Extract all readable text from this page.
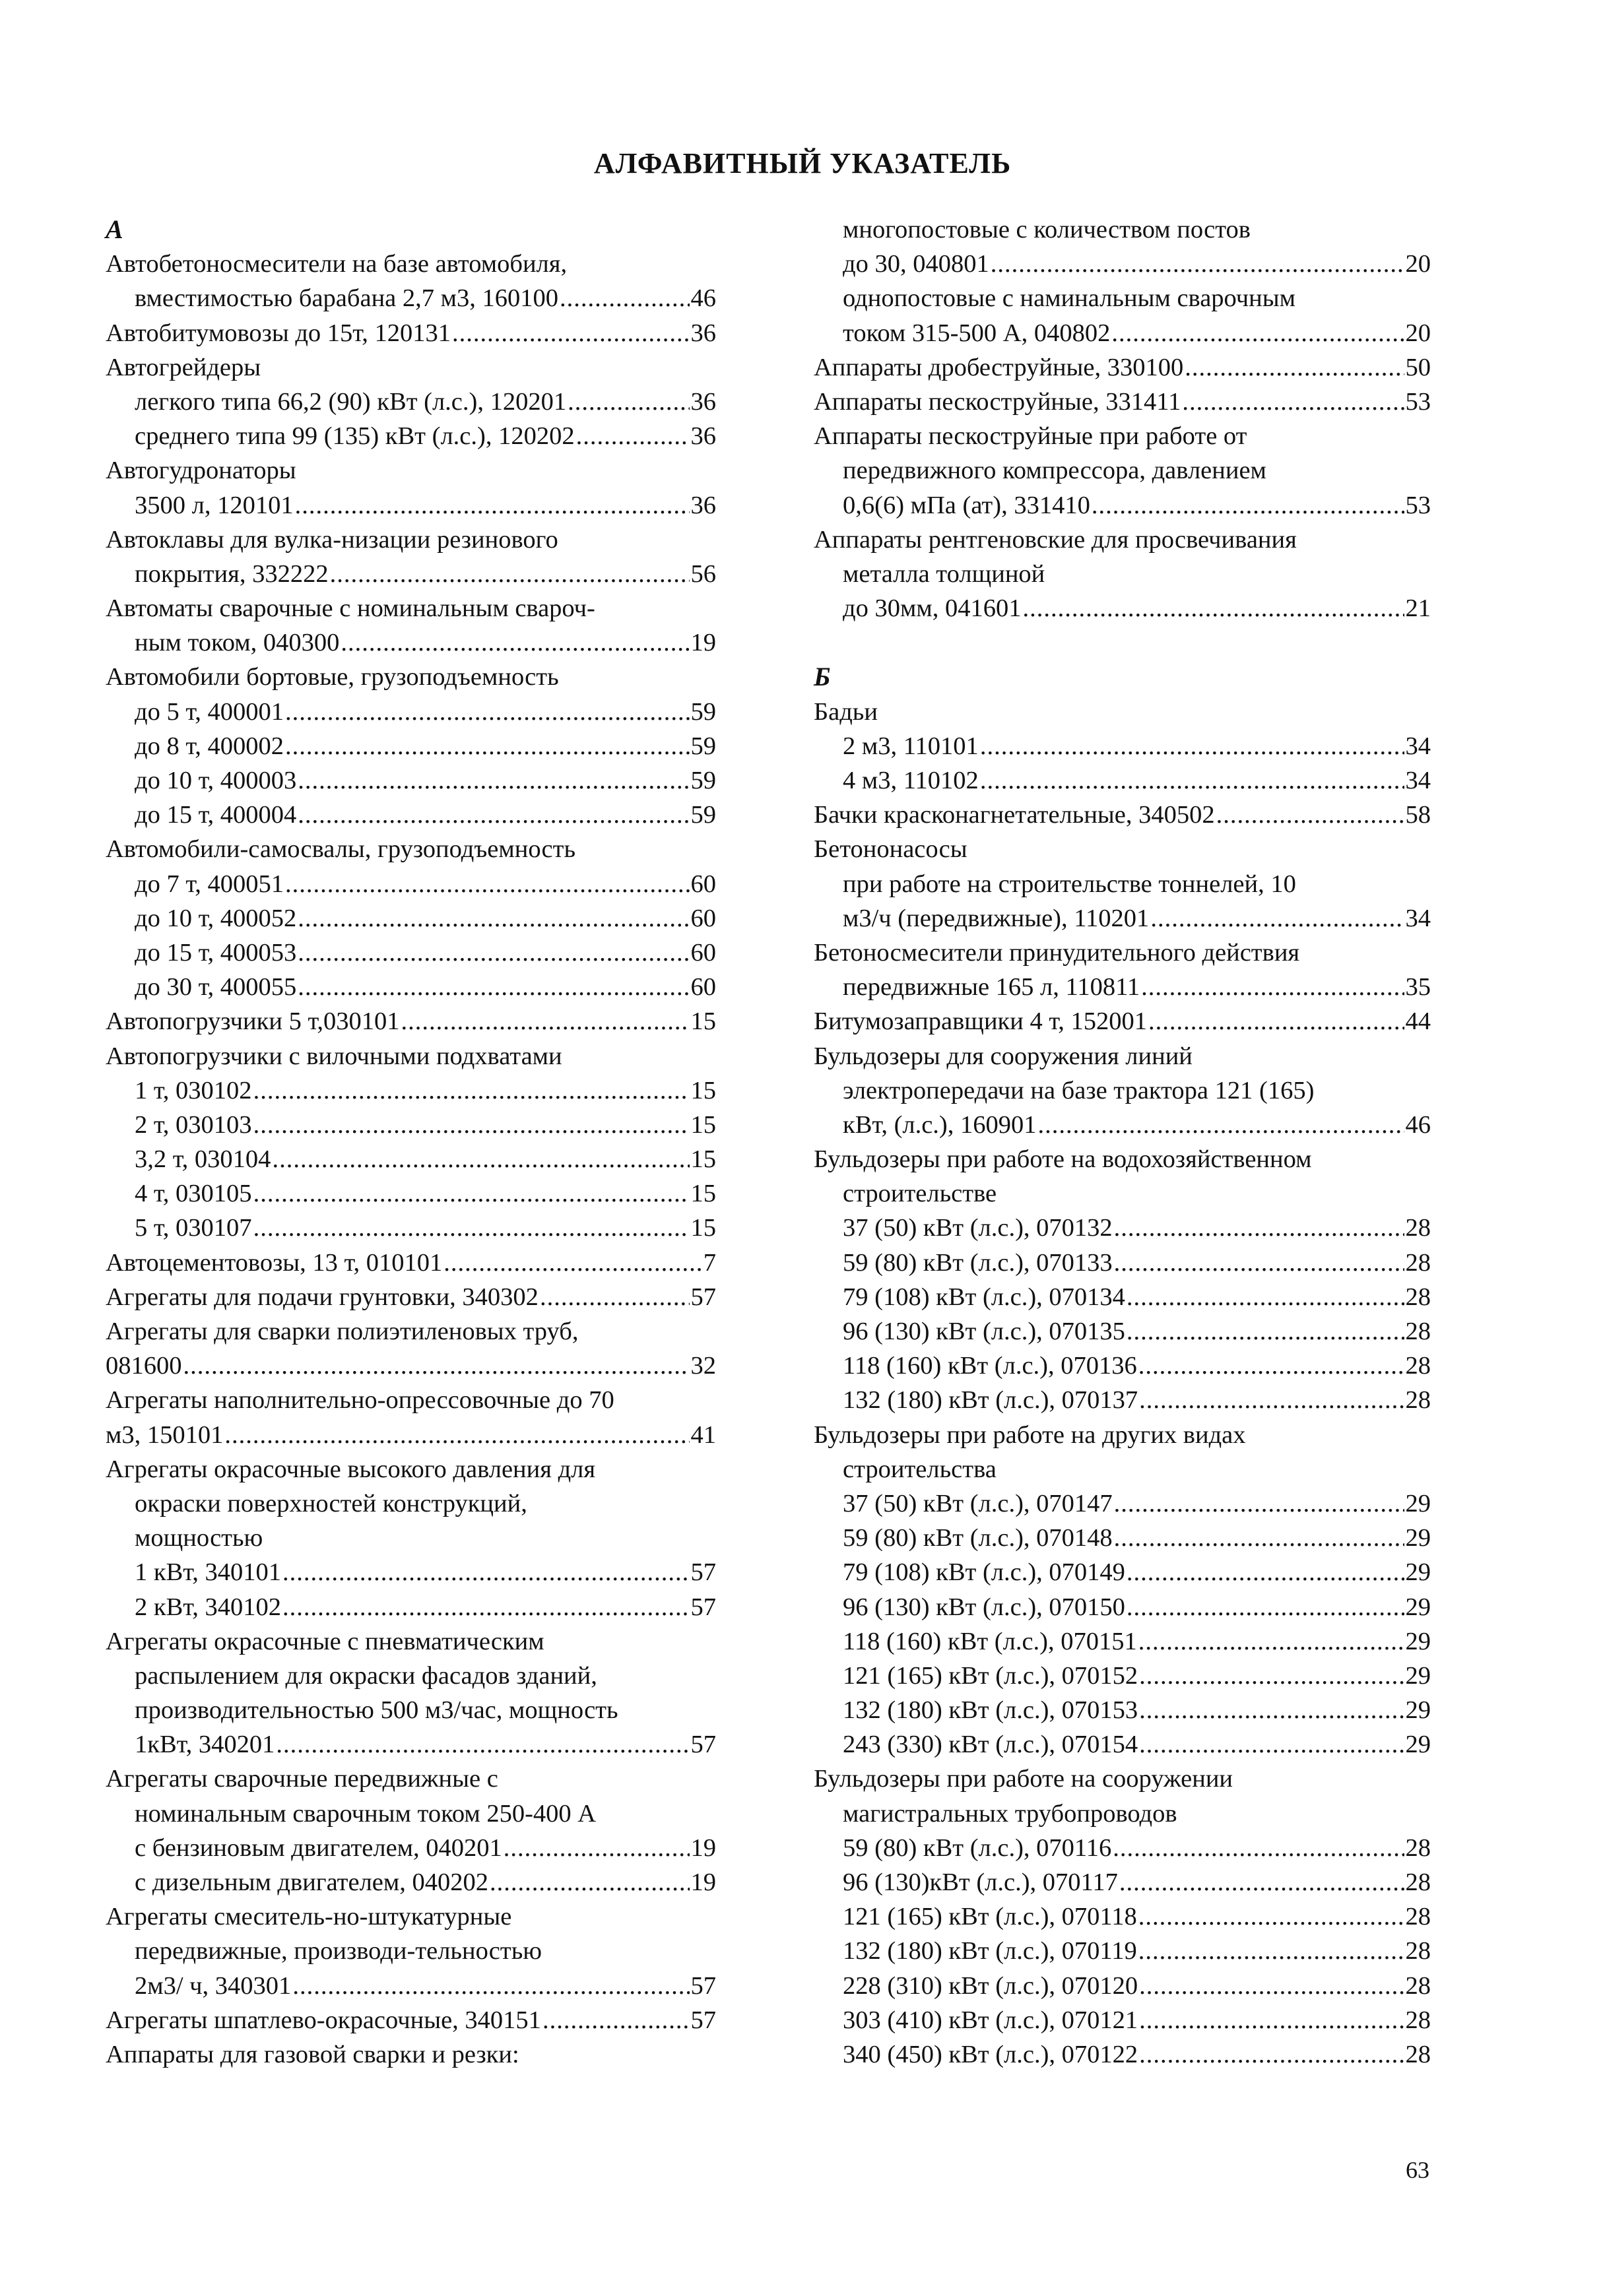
АЛФАВИТНЫЙ УКАЗАТЕЛЬ
А
Автобетоносмесители на базе автомобиля,
вместимостью барабана 2,7 м3, 160100 .....	46
Автобитумовозы до 15т, 120131 .....	36
Автогрейдеры
легкого типа 66,2 (90) кВт (л.с.), 120201 .....	36
среднего типа 99 (135) кВт (л.с.), 120202 .....	36
Автогудронаторы
3500 л, 120101 .....	36
Автоклавы для вулка-низации резинового
покрытия, 332222 .....	56
Автоматы сварочные с номинальным свароч-
ным током, 040300 .....	19
Автомобили бортовые, грузоподъемность
до 5 т, 400001 .....	59
до 8 т, 400002 .....	59
до 10 т, 400003 .....	59
до 15 т, 400004 .....	59
Автомобили-самосвалы, грузоподъемность
до 7 т, 400051 .....	60
до 10 т, 400052 .....	60
до 15 т, 400053 .....	60
до 30 т, 400055 .....	60
Автопогрузчики 5 т,030101 .....	15
Автопогрузчики с вилочными подхватами
1 т, 030102 .....	15
2 т, 030103 .....	15
3,2 т, 030104 .....	15
4 т, 030105 .....	15
5 т, 030107 .....	15
Автоцементовозы, 13 т, 010101 .....	7
Агрегаты для подачи грунтовки, 340302 .....	57
Агрегаты для сварки полиэтиленовых труб,
081600 .....	32
Агрегаты наполнительно-опрессовочные до 70
м3, 150101 .....	41
Агрегаты окрасочные высокого давления для
окраски поверхностей конструкций,
мощностью
1 кВт, 340101 .....	57
2 кВт, 340102 .....	57
Агрегаты окрасочные с пневматическим
распылением для окраски фасадов зданий,
производительностью 500 м3/час, мощность
1кВт, 340201 .....	57
Агрегаты сварочные передвижные с
номинальным сварочным током 250-400 А
с бензиновым двигателем, 040201 .....	19
с дизельным двигателем, 040202 .....	19
Агрегаты смеситель-но-штукатурные
передвижные, производи-тельностью
2м3/ ч, 340301 .....	57
Агрегаты шпатлево-окрасочные, 340151 .....	57
Аппараты для газовой сварки и резки:
многопостовые с количеством постов
до 30, 040801 .....	20
однопостовые с наминальным сварочным
током 315-500 А, 040802 .....	20
Аппараты дробеструйные, 330100 .....	50
Аппараты пескоструйные, 331411 .....	53
Аппараты пескоструйные при работе от
передвижного компрессора, давлением
0,6(6) мПа (ат), 331410 .....	53
Аппараты рентгеновские для просвечивания
металла толщиной
до 30мм, 041601 .....	21
Б
Бадьи
2 м3, 110101 .....	34
4 м3, 110102 .....	34
Бачки красконагнетательные, 340502 .....	58
Бетононасосы
при работе на строительстве тоннелей, 10
м3/ч (передвижные), 110201 .....	34
Бетоносмесители принудительного действия
передвижные 165 л, 110811 .....	35
Битумозаправщики 4 т, 152001 .....	44
Бульдозеры для сооружения линий
электропередачи на базе трактора 121 (165)
кВт, (л.с.), 160901 .....	46
Бульдозеры при работе на водохозяйственном
строительстве
37 (50) кВт (л.с.), 070132 .....	28
59 (80) кВт (л.с.), 070133 .....	28
79 (108) кВт (л.с.), 070134 .....	28
96 (130) кВт (л.с.), 070135 .....	28
118 (160) кВт (л.с.), 070136 .....	28
132 (180) кВт (л.с.), 070137 .....	28
Бульдозеры при работе на других видах
строительства
37 (50) кВт (л.с.), 070147 .....	29
59 (80) кВт (л.с.), 070148 .....	29
79 (108) кВт (л.с.), 070149 .....	29
96 (130) кВт (л.с.), 070150 .....	29
118 (160) кВт (л.с.), 070151 .....	29
121 (165) кВт (л.с.), 070152 .....	29
132 (180) кВт (л.с.), 070153 .....	29
243 (330) кВт (л.с.), 070154 .....	29
Бульдозеры при работе на сооружении
магистральных трубопроводов
59 (80) кВт (л.с.), 070116 .....	28
96 (130)кВт (л.с.), 070117 .....	28
121 (165) кВт (л.с.), 070118 .....	28
132 (180) кВт (л.с.), 070119 .....	28
228 (310) кВт (л.с.), 070120 .....	28
303 (410) кВт (л.с.), 070121 .....	28
340 (450) кВт (л.с.), 070122 .....	28
63
